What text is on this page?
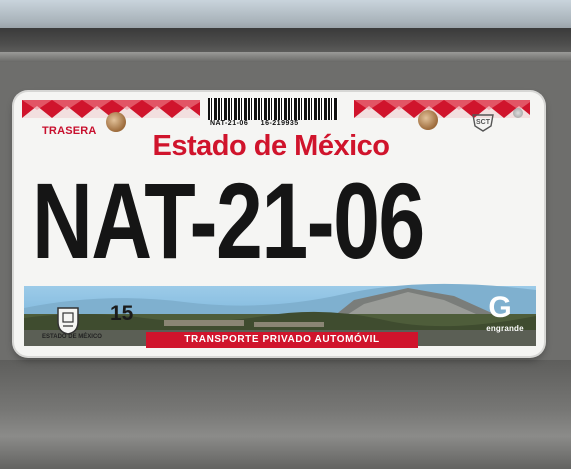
NAT-21-06 16-219935
TRASERA
SCT
Estado de México
NAT-21-06
ESTADO DE MÉXICO
15
TRANSPORTE PRIVADO AUTOMÓVIL
G
engrande
